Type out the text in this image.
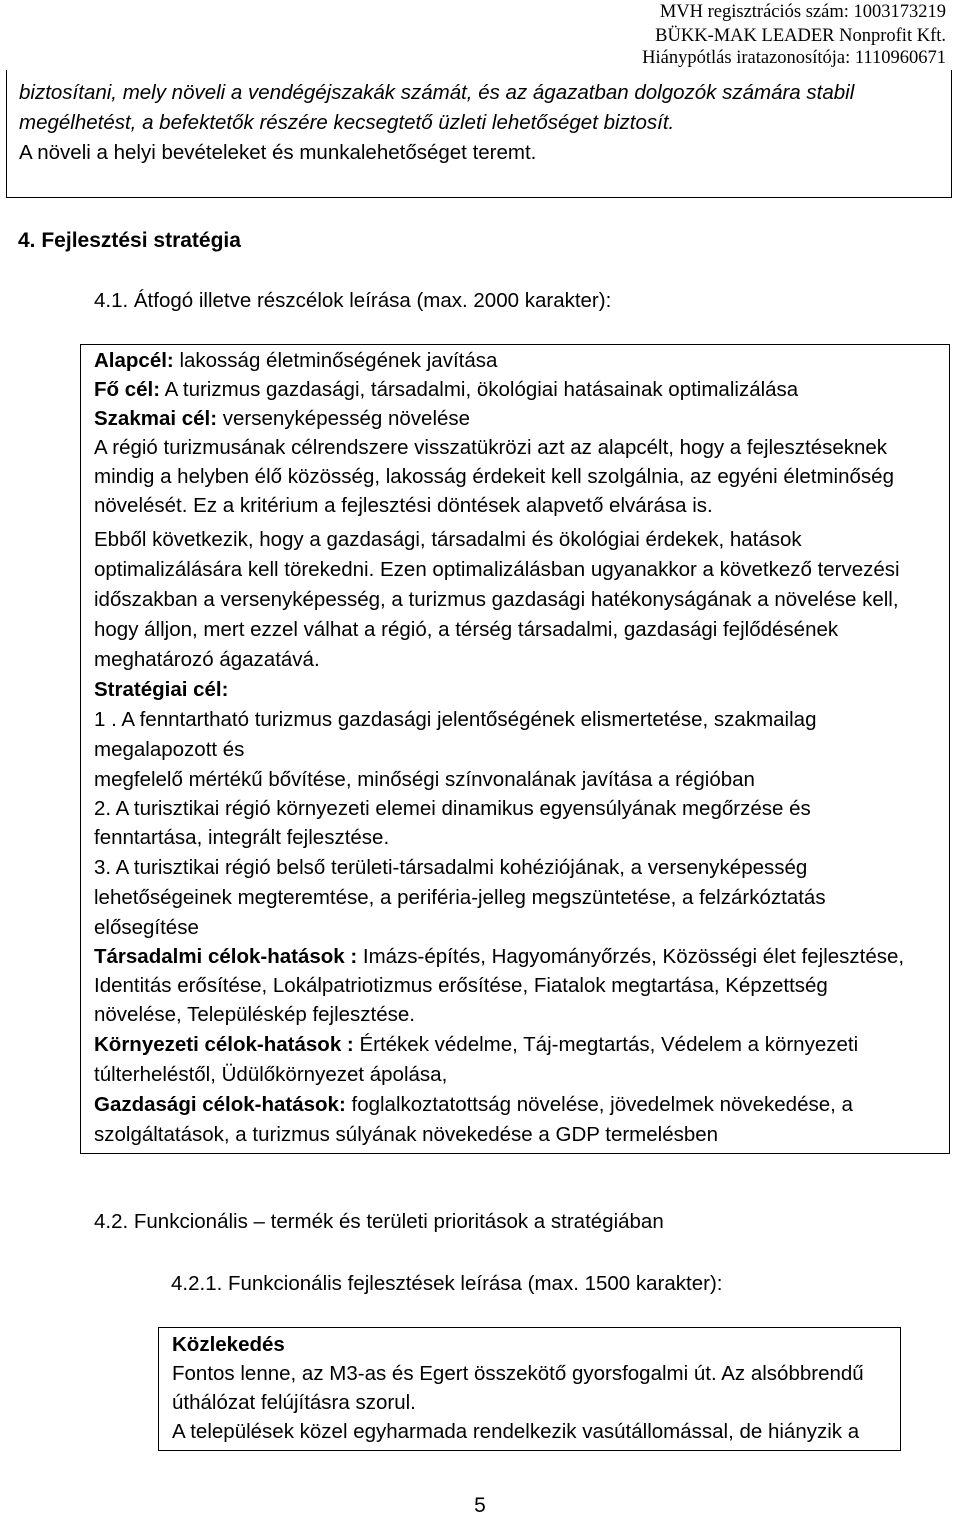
MVH regisztrációs szám: 1003173219
BÜKK-MAK LEADER Nonprofit Kft.
Hiánypótlás iratazonosítója: 1110960671

biztosítani, mely növeli a vendégéjszakák számát, és az ágazatban dolgozók számára stabil

megélhetést, a befektetők részére kecsegtető üzleti lehetőséget biztosít.

A növeli a helyi bevételeket és munkalehetőséget teremt.

4. Fejlesztési stratégia
4.1. Átfogó illetve részcélok leírása (max. 2000 karakter):

Alapcél: lakosság életminőségének javítása

Fő cél: A turizmus gazdasági, társadalmi, ökológiai hatásainak optimalizálása

Szakmai cél: versenyképesség növelése

A régió turizmusának célrendszere visszatükrözi azt az alapcélt, hogy a fejlesztéseknek

mindig a helyben élő közösség, lakosság érdekeit kell szolgálnia, az egyéni életminőség

növelését. Ez a kritérium a fejlesztési döntések alapvető elvárása is.

Ebből következik, hogy a gazdasági, társadalmi és ökológiai érdekek, hatások

optimalizálására kell törekedni. Ezen optimalizálásban ugyanakkor a következő tervezési

időszakban a versenyképesség, a turizmus gazdasági hatékonyságának a növelése kell,

hogy álljon, mert ezzel válhat a régió, a térség társadalmi, gazdasági fejlődésének

meghatározó ágazatává.

Stratégiai cél:

1 . A fenntartható turizmus gazdasági jelentőségének elismertetése, szakmailag

megalapozott és

megfelelő mértékű bővítése, minőségi színvonalának javítása a régióban

2. A turisztikai régió környezeti elemei dinamikus egyensúlyának megőrzése és

fenntartása, integrált fejlesztése.

3. A turisztikai régió belső területi-társadalmi kohéziójának, a versenyképesség

lehetőségeinek megteremtése, a periféria-jelleg megszüntetése, a felzárkóztatás

elősegítése

Társadalmi célok-hatások : Imázs-építés, Hagyományőrzés, Közösségi élet fejlesztése,

Identitás erősítése, Lokálpatriotizmus erősítése, Fiatalok megtartása, Képzettség

növelése, Településkép fejlesztése.

Környezeti célok-hatások : Értékek védelme, Táj-megtartás, Védelem a környezeti

túlterheléstől, Üdülőkörnyezet ápolása,

Gazdasági célok-hatások: foglalkoztatottság növelése, jövedelmek növekedése, a

szolgáltatások, a turizmus súlyának növekedése a GDP termelésben

4.2. Funkcionális – termék és területi prioritások a stratégiában
4.2.1. Funkcionális fejlesztések leírása (max. 1500 karakter):

Közlekedés

Fontos lenne, az M3-as és Egert összekötő gyorsfogalmi út. Az alsóbbrendű

úthálózat felújításra szorul.

A települések közel egyharmada rendelkezik vasútállomással, de hiányzik a

5
